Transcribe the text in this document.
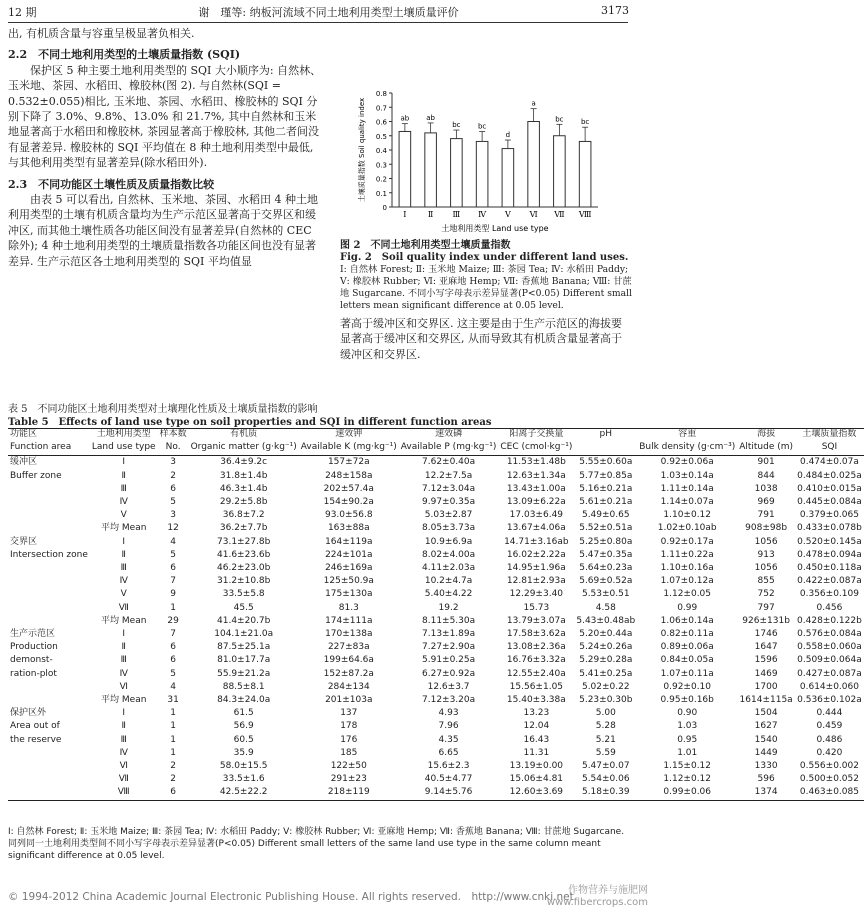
12 期	谢　瑾等: 纳板河流域不同土地利用类型土壤质量评价	3173

出, 有机质含量与容重呈极显著负相关.

2.2　不同土地利用类型的土壤质量指数 (SQI)

保护区 5 种主要土地利用类型的 SQI 大小顺序为: 自然林、玉米地、茶园、水稻田、橡胶林(图 2). 与自然林(SQI = 0.532±0.055)相比, 玉米地、茶园、水稻田、橡胶林的 SQI 分别下降了 3.0%、9.8%、13.0% 和 21.7%, 其中自然林和玉米地显著高于水稻田和橡胶林, 茶园显著高于橡胶林, 其他二者间没有显著差异. 橡胶林的 SQI 平均值在 8 种土地利用类型中最低, 与其他利用类型有显著差异(除水稻田外).

2.3　不同功能区土壤性质及质量指数比较

由表 5 可以看出, 自然林、玉米地、茶园、水稻田 4 种土地利用类型的土壤有机质含量均为生产示范区显著高于交界区和缓冲区, 而其他土壤性质各功能区间没有显著差异(自然林的 CEC 除外); 4 种土地利用类型的土壤质量指数各功能区间也没有显著差异. 生产示范区各土地利用类型的 SQI 平均值显

0
0.1
0.2
0.3
0.4
0.5
0.6
0.7
0.8
ab
Ⅰ
ab
Ⅱ
bc
Ⅲ
bc
Ⅳ
d
Ⅴ
a
Ⅵ
bc
Ⅶ
bc
Ⅷ
土地利用类型 Land use type
土壤质量指数 Soil quality index
图 2　不同土地利用类型土壤质量指数
Fig. 2　Soil quality index under different land uses.
Ⅰ: 自然林 Forest; Ⅱ: 玉米地 Maize; Ⅲ: 茶园 Tea; Ⅳ: 水稻田 Paddy; Ⅴ: 橡胶林 Rubber; Ⅵ: 亚麻地 Hemp; Ⅶ: 香蕉地 Banana; Ⅷ: 甘蔗地 Sugarcane. 不同小写字母表示差异显著(P<0.05) Different small letters mean significant difference at 0.05 level.

著高于缓冲区和交界区. 这主要是由于生产示范区的海拔要显著高于缓冲区和交界区, 从而导致其有机质含量显著高于缓冲区和交界区.

表 5　不同功能区土地利用类型对土壤理化性质及土壤质量指数的影响
Table 5　Effects of land use type on soil properties and SQI in different function areas
功能区	土地利用类型	样本数	有机质	速效钾	速效磷	阳离子交换量	pH	容重	海拔	土壤质量指数
Function area	Land use type	No.	Organic matter (g·kg⁻¹)	Available K (mg·kg⁻¹)	Available P (mg·kg⁻¹)	CEC (cmol·kg⁻¹)		Bulk density (g·cm⁻³)	Altitude (m)	SQI
缓冲区	Ⅰ	3	36.4±9.2c	157±72a	7.62±0.40a	11.53±1.48b	5.55±0.60a	0.92±0.06a	901	0.474±0.07a
Buffer zone	Ⅱ	2	31.8±1.4b	248±158a	12.2±7.5a	12.63±1.34a	5.77±0.85a	1.03±0.14a	844	0.484±0.025a
	Ⅲ	6	46.3±1.4b	202±57.4a	7.12±3.04a	13.43±1.00a	5.16±0.21a	1.11±0.14a	1038	0.410±0.015a
	Ⅳ	5	29.2±5.8b	154±90.2a	9.97±0.35a	13.09±6.22a	5.61±0.21a	1.14±0.07a	969	0.445±0.084a
	Ⅴ	3	36.8±7.2	93.0±56.8	5.03±2.87	17.03±6.49	5.49±0.65	1.10±0.12	791	0.379±0.065
	平均 Mean	12	36.2±7.7b	163±88a	8.05±3.73a	13.67±4.06a	5.52±0.51a	1.02±0.10ab	908±98b	0.433±0.078b
交界区	Ⅰ	4	73.1±27.8b	164±119a	10.9±6.9a	14.71±3.16ab	5.25±0.80a	0.92±0.17a	1056	0.520±0.145a
Intersection zone	Ⅱ	5	41.6±23.6b	224±101a	8.02±4.00a	16.02±2.22a	5.47±0.35a	1.11±0.22a	913	0.478±0.094a
	Ⅲ	6	46.2±23.0b	246±169a	4.11±2.03a	14.95±1.96a	5.64±0.23a	1.10±0.16a	1056	0.450±0.118a
	Ⅳ	7	31.2±10.8b	125±50.9a	10.2±4.7a	12.81±2.93a	5.69±0.52a	1.07±0.12a	855	0.422±0.087a
	Ⅴ	9	33.5±5.8	175±130a	5.40±4.22	12.29±3.40	5.53±0.51	1.12±0.05	752	0.356±0.109
	Ⅶ	1	45.5	81.3	19.2	15.73	4.58	0.99	797	0.456
	平均 Mean	29	41.4±20.7b	174±111a	8.11±5.30a	13.79±3.07a	5.43±0.48ab	1.06±0.14a	926±131b	0.428±0.122b
生产示范区	Ⅰ	7	104.1±21.0a	170±138a	7.13±1.89a	17.58±3.62a	5.20±0.44a	0.82±0.11a	1746	0.576±0.084a
Production	Ⅱ	6	87.5±25.1a	227±83a	7.27±2.90a	13.08±2.36a	5.24±0.26a	0.89±0.06a	1647	0.558±0.060a
demonst-	Ⅲ	6	81.0±17.7a	199±64.6a	5.91±0.25a	16.76±3.32a	5.29±0.28a	0.84±0.05a	1596	0.509±0.064a
ration-plot	Ⅳ	5	55.9±21.2a	152±87.2a	6.27±0.92a	12.55±2.40a	5.41±0.25a	1.07±0.11a	1469	0.427±0.087a
	Ⅵ	4	88.5±8.1	284±134	12.6±3.7	15.56±1.05	5.02±0.22	0.92±0.10	1700	0.614±0.060
	平均 Mean	31	84.3±24.0a	201±103a	7.12±3.20a	15.40±3.38a	5.23±0.30b	0.95±0.16b	1614±115a	0.536±0.102a
保护区外	Ⅰ	1	61.5	137	4.93	13.23	5.00	0.90	1504	0.444
Area out of	Ⅱ	1	56.9	178	7.96	12.04	5.28	1.03	1627	0.459
the reserve	Ⅲ	1	60.5	176	4.35	16.43	5.21	0.95	1540	0.486
	Ⅳ	1	35.9	185	6.65	11.31	5.59	1.01	1449	0.420
	Ⅵ	2	58.0±15.5	122±50	15.6±2.3	13.19±0.00	5.47±0.07	1.15±0.12	1330	0.556±0.002
	Ⅶ	2	33.5±1.6	291±23	40.5±4.77	15.06±4.81	5.54±0.06	1.12±0.12	596	0.500±0.052
	Ⅷ	6	42.5±22.2	218±119	9.14±5.76	12.60±3.69	5.18±0.39	0.99±0.06	1374	0.463±0.085
Ⅰ: 自然林 Forest; Ⅱ: 玉米地 Maize; Ⅲ: 茶园 Tea; Ⅳ: 水稻田 Paddy; Ⅴ: 橡胶林 Rubber; Ⅵ: 亚麻地 Hemp; Ⅶ: 香蕉地 Banana; Ⅷ: 甘蔗地 Sugarcane. 同列同一土地利用类型间不同小写字母表示差异显著(P<0.05) Different small letters of the same land use type in the same column meant significant difference at 0.05 level.
© 1994-2012 China Academic Journal Electronic Publishing House. All rights reserved.　http://www.cnki.net
作物营养与施肥网
www.fibercrops.com
